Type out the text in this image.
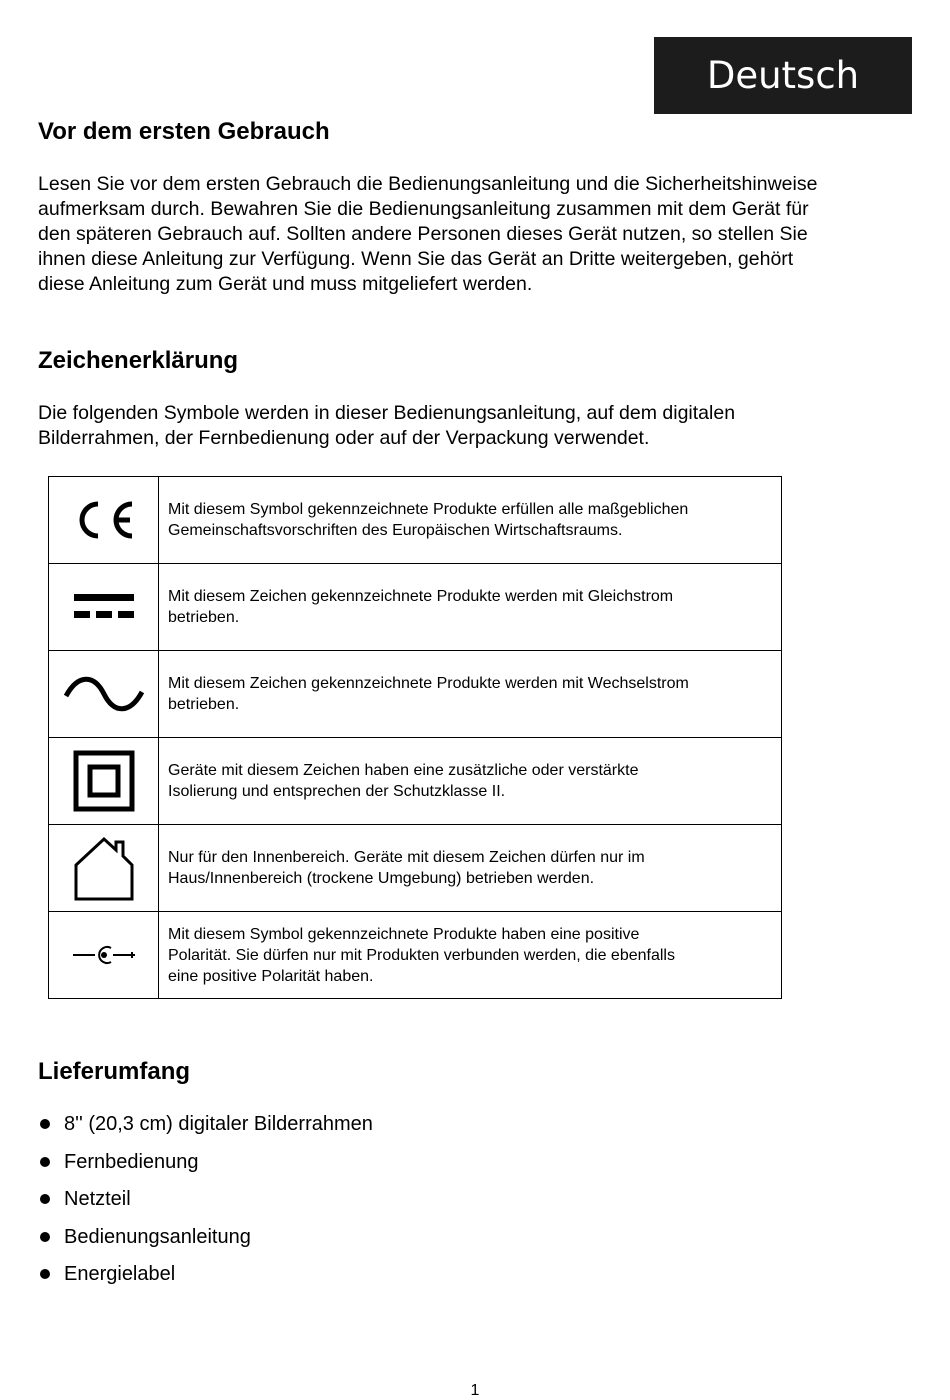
Deutsch
Vor dem ersten Gebrauch

Lesen Sie vor dem ersten Gebrauch die Bedienungsanleitung und die Sicherheitshinweise
aufmerksam durch. Bewahren Sie die Bedienungsanleitung zusammen mit dem Gerät für
den späteren Gebrauch auf. Sollten andere Personen dieses Gerät nutzen, so stellen Sie
ihnen diese Anleitung zur Verfügung. Wenn Sie das Gerät an Dritte weitergeben, gehört
diese Anleitung zum Gerät und muss mitgeliefert werden.

Zeichenerklärung

Die folgenden Symbole werden in dieser Bedienungsanleitung, auf dem digitalen
Bilderrahmen, der Fernbedienung oder auf der Verpackung verwendet.

	Mit diesem Symbol gekennzeichnete Produkte erfüllen alle maßgeblichen
Gemeinschaftsvorschriften des Europäischen Wirtschaftsraums.

	Mit diesem Zeichen gekennzeichnete Produkte werden mit Gleichstrom
betrieben.

	Mit diesem Zeichen gekennzeichnete Produkte werden mit Wechselstrom
betrieben.

	Geräte mit diesem Zeichen haben eine zusätzliche oder verstärkte
Isolierung und entsprechen der Schutzklasse II.

	Nur für den Innenbereich. Geräte mit diesem Zeichen dürfen nur im
Haus/Innenbereich (trockene Umgebung) betrieben werden.

	Mit diesem Symbol gekennzeichnete Produkte haben eine positive
Polarität. Sie dürfen nur mit Produkten verbunden werden, die ebenfalls
eine positive Polarität haben.
Lieferumfang
8'' (20,3 cm) digitaler Bilderrahmen
Fernbedienung
Netzteil
Bedienungsanleitung
Energielabel
1
